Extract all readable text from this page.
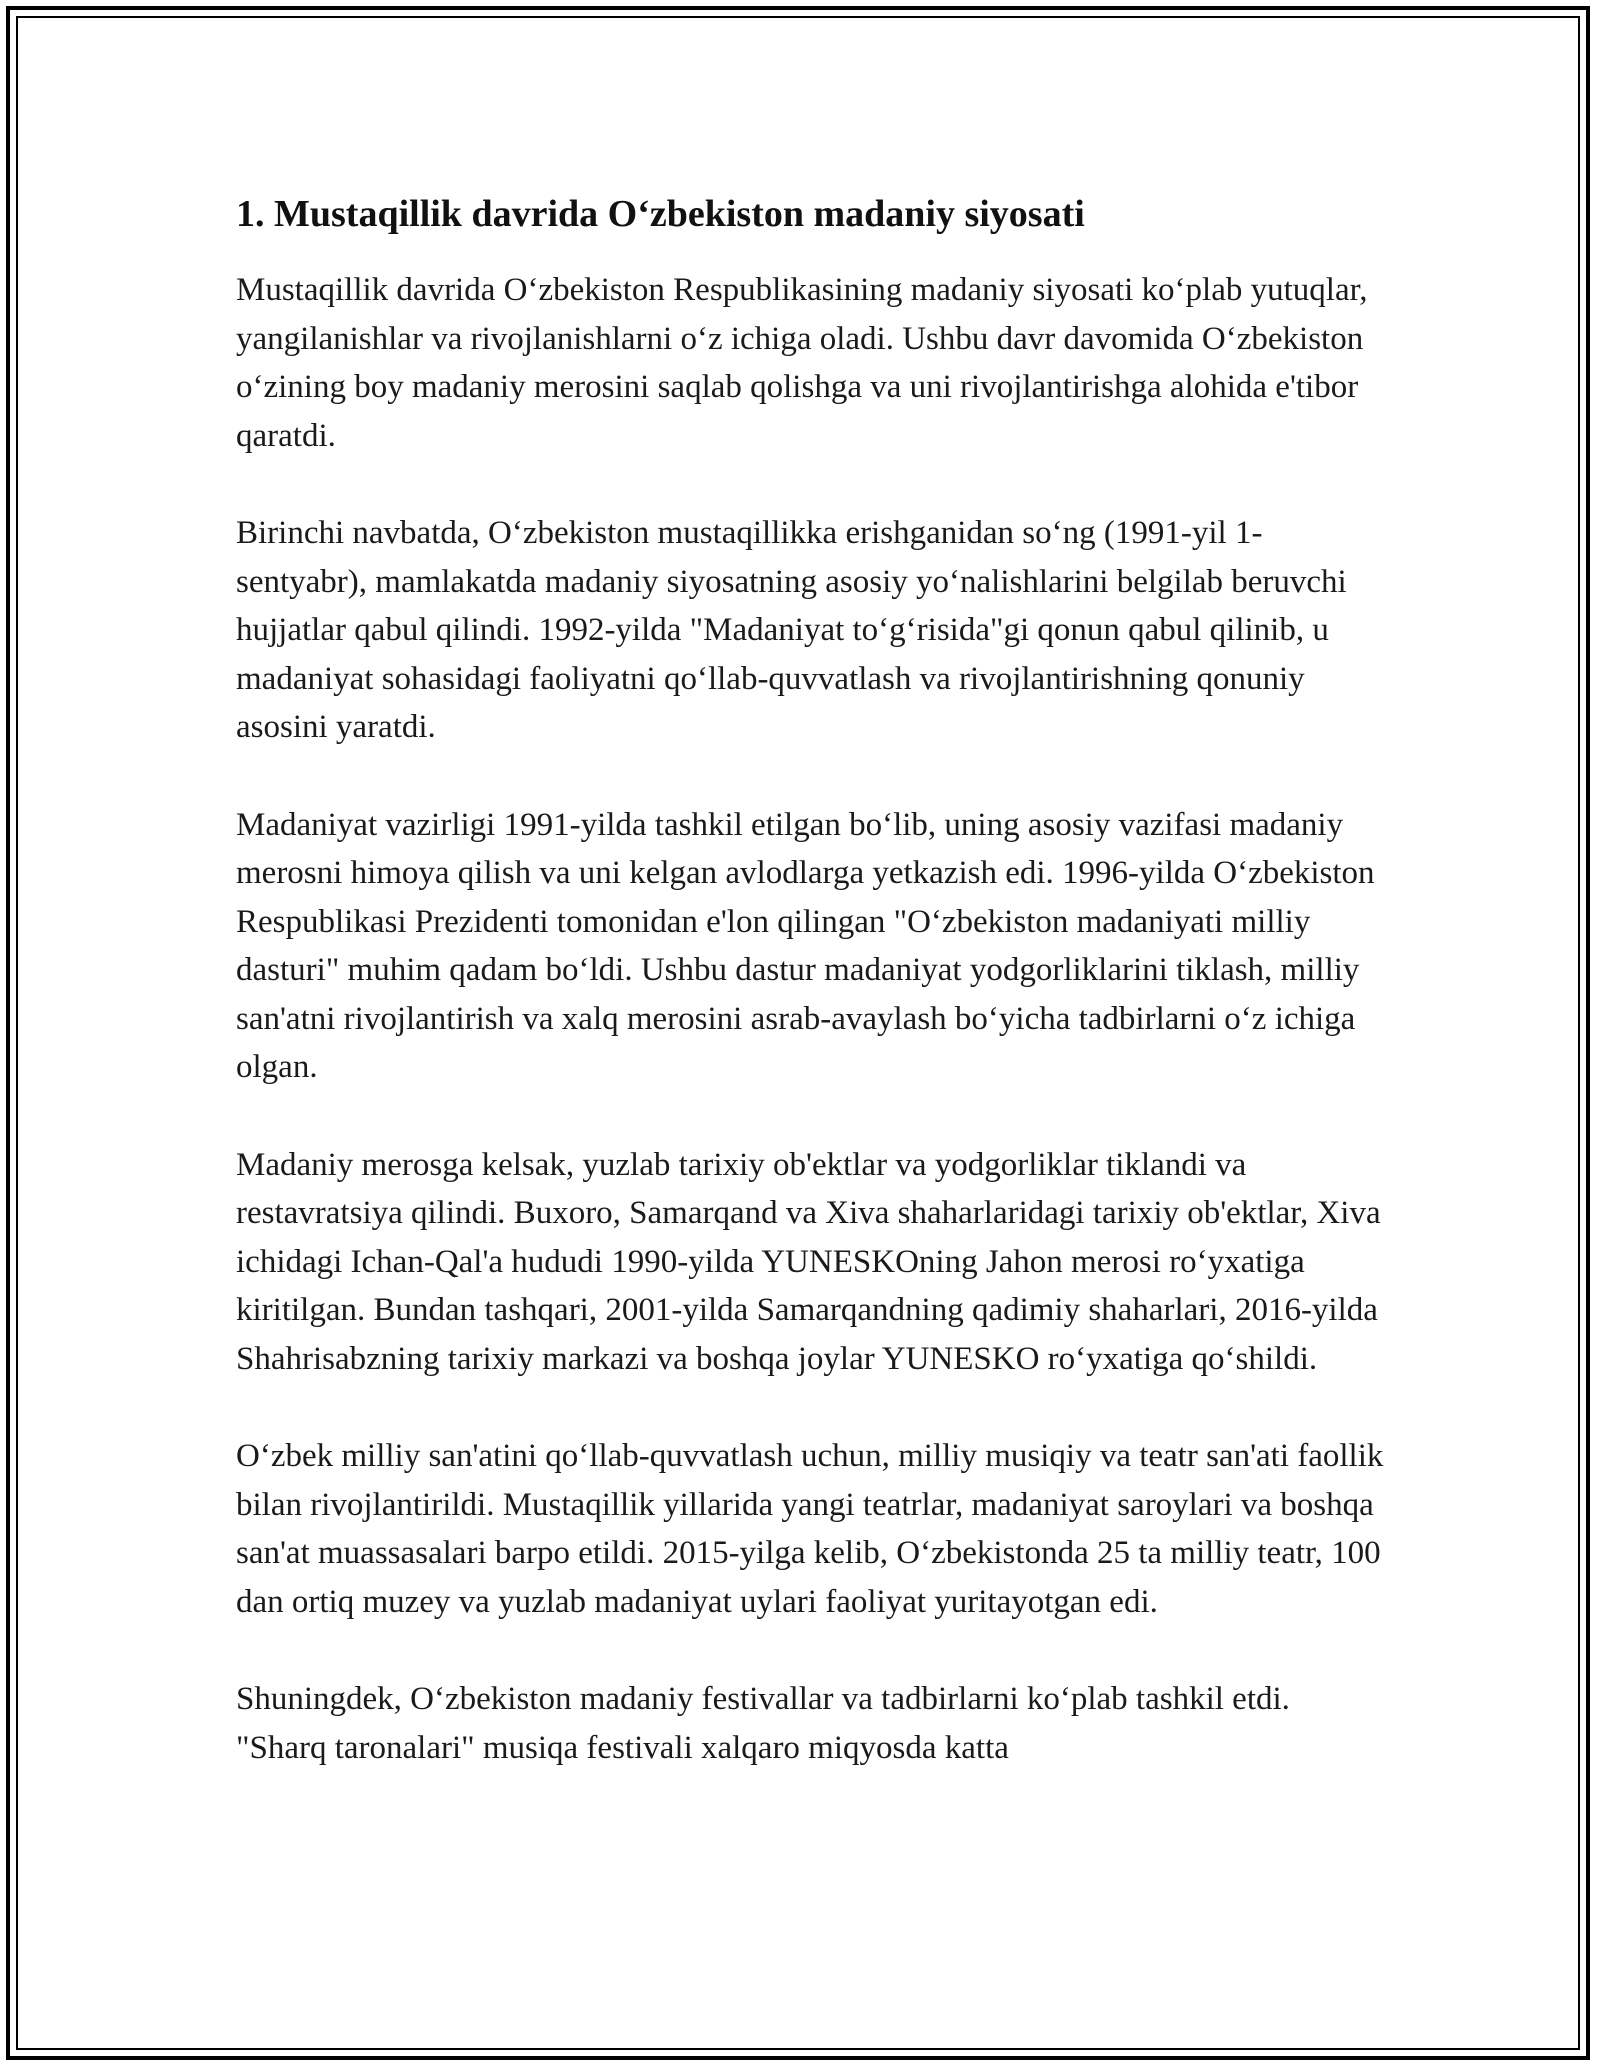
1. Mustaqillik davrida O‘zbekiston madaniy siyosati

Mustaqillik davrida O‘zbekiston Respublikasining madaniy siyosati ko‘plab yutuqlar, yangilanishlar va rivojlanishlarni o‘z ichiga oladi. Ushbu davr davomida O‘zbekiston o‘zining boy madaniy merosini saqlab qolishga va uni rivojlantirishga alohida e'tibor qaratdi.

Birinchi navbatda, O‘zbekiston mustaqillikka erishganidan so‘ng (1991-yil 1-sentyabr), mamlakatda madaniy siyosatning asosiy yo‘nalishlarini belgilab beruvchi hujjatlar qabul qilindi. 1992-yilda "Madaniyat to‘g‘risida"gi qonun qabul qilinib, u madaniyat sohasidagi faoliyatni qo‘llab-quvvatlash va rivojlantirishning qonuniy asosini yaratdi.

Madaniyat vazirligi 1991-yilda tashkil etilgan bo‘lib, uning asosiy vazifasi madaniy merosni himoya qilish va uni kelgan avlodlarga yetkazish edi. 1996-yilda O‘zbekiston Respublikasi Prezidenti tomonidan e'lon qilingan "O‘zbekiston madaniyati milliy dasturi" muhim qadam bo‘ldi. Ushbu dastur madaniyat yodgorliklarini tiklash, milliy san'atni rivojlantirish va xalq merosini asrab-avaylash bo‘yicha tadbirlarni o‘z ichiga olgan.

Madaniy merosga kelsak, yuzlab tarixiy ob'ektlar va yodgorliklar tiklandi va restavratsiya qilindi. Buxoro, Samarqand va Xiva shaharlaridagi tarixiy ob'ektlar, Xiva ichidagi Ichan-Qal'a hududi 1990-yilda YUNESKOning Jahon merosi ro‘yxatiga kiritilgan. Bundan tashqari, 2001-yilda Samarqandning qadimiy shaharlari, 2016-yilda Shahrisabzning tarixiy markazi va boshqa joylar YUNESKO ro‘yxatiga qo‘shildi.

O‘zbek milliy san'atini qo‘llab-quvvatlash uchun, milliy musiqiy va teatr san'ati faollik bilan rivojlantirildi. Mustaqillik yillarida yangi teatrlar, madaniyat saroylari va boshqa san'at muassasalari barpo etildi. 2015-yilga kelib, O‘zbekistonda 25 ta milliy teatr, 100 dan ortiq muzey va yuzlab madaniyat uylari faoliyat yuritayotgan edi.

Shuningdek, O‘zbekiston madaniy festivallar va tadbirlarni ko‘plab tashkil etdi. "Sharq taronalari" musiqa festivali xalqaro miqyosda katta
